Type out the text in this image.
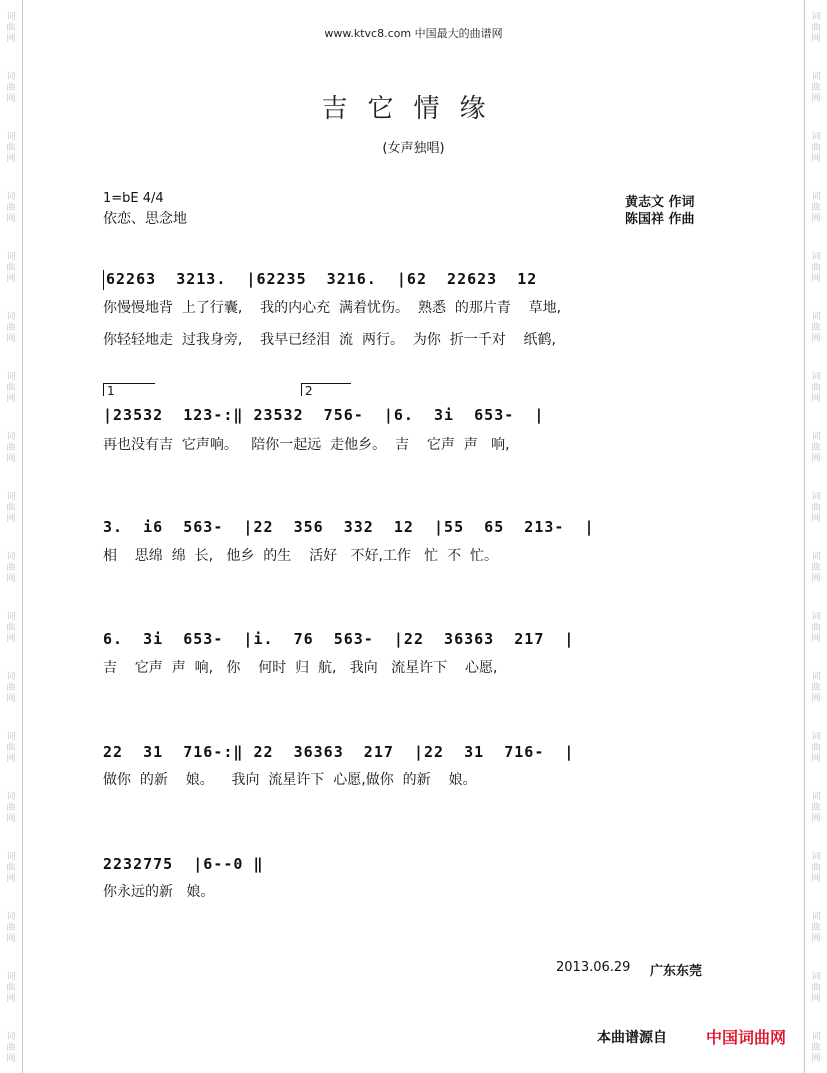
词曲网
词曲网
词曲网
词曲网
词曲网
词曲网
词曲网
词曲网
词曲网
词曲网
词曲网
词曲网
词曲网
词曲网
词曲网
词曲网
词曲网
词曲网
词曲网
词曲网
词曲网
词曲网
词曲网
词曲网
词曲网
词曲网
词曲网
词曲网
词曲网
词曲网
词曲网
词曲网
词曲网
词曲网
词曲网
词曲网
www.ktvc8.com 中国最大的曲谱网
吉它情缘
(女声独唱)
1=bE 4/4
依恋、思念地
黄志文 作词
陈国祥 作曲
62263  3213.  |62235  3216.  |62  22623  12
你慢慢地背  上了行囊,    我的内心充  满着忧伤。  熟悉  的那片青    草地,
你轻轻地走  过我身旁,    我早已经泪  流  两行。  为你  折一千对    纸鹤,
1	2
|23532  123-:‖ 23532  756-  |6.  3i  653-  |
再也没有吉  它声响。   陪你一起远  走他乡。  吉    它声  声   响,
3.  i6  563-  |22  356  332  12  |55  65  213-  |
相    思绵  绵  长,   他乡  的生    活好   不好,工作   忙  不  忙。
6.  3i  653-  |i.  76  563-  |22  36363  217  |
吉    它声  声  响,   你    何时  归  航,   我向   流星许下    心愿,
22  31  716-:‖ 22  36363  217  |22  31  716-  |
做你  的新    娘。    我向  流星许下  心愿,做你  的新    娘。
2232775  |6--0 ‖
你永远的新   娘。
2013.06.29 广东东莞
本曲谱源自 中国词曲网
